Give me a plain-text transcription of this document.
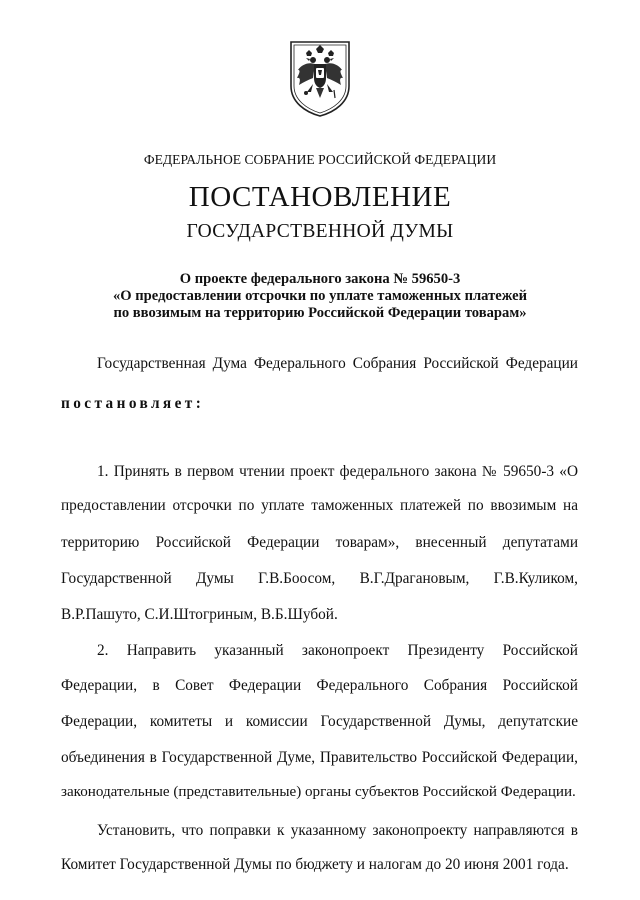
ФЕДЕРАЛЬНОЕ СОБРАНИЕ РОССИЙСКОЙ ФЕДЕРАЦИИ
ПОСТАНОВЛЕНИЕ
ГОСУДАРСТВЕННОЙ ДУМЫ
О проекте федерального закона № 59650-3
«О предоставлении отсрочки по уплате таможенных платежей
по ввозимым на территорию Российской Федерации товарам»
Государственная Дума Федерального Собрания Российской Федерации
постановляет:
1. Принять в первом чтении проект федерального закона № 59650-3 «О
предоставлении отсрочки по уплате таможенных платежей по ввозимым на
территорию Российской Федерации товарам», внесенный депутатами
Государственной Думы Г.В.Боосом, В.Г.Драгановым, Г.В.Куликом,
В.Р.Пашуто, С.И.Штогриным, В.Б.Шубой.
2. Направить указанный законопроект Президенту Российской
Федерации, в Совет Федерации Федерального Собрания Российской
Федерации, комитеты и комиссии Государственной Думы, депутатские
объединения в Государственной Думе, Правительство Российской Федерации,
законодательные (представительные) органы субъектов Российской Федерации.
Установить, что поправки к указанному законопроекту направляются в
Комитет Государственной Думы по бюджету и налогам до 20 июня 2001 года.
